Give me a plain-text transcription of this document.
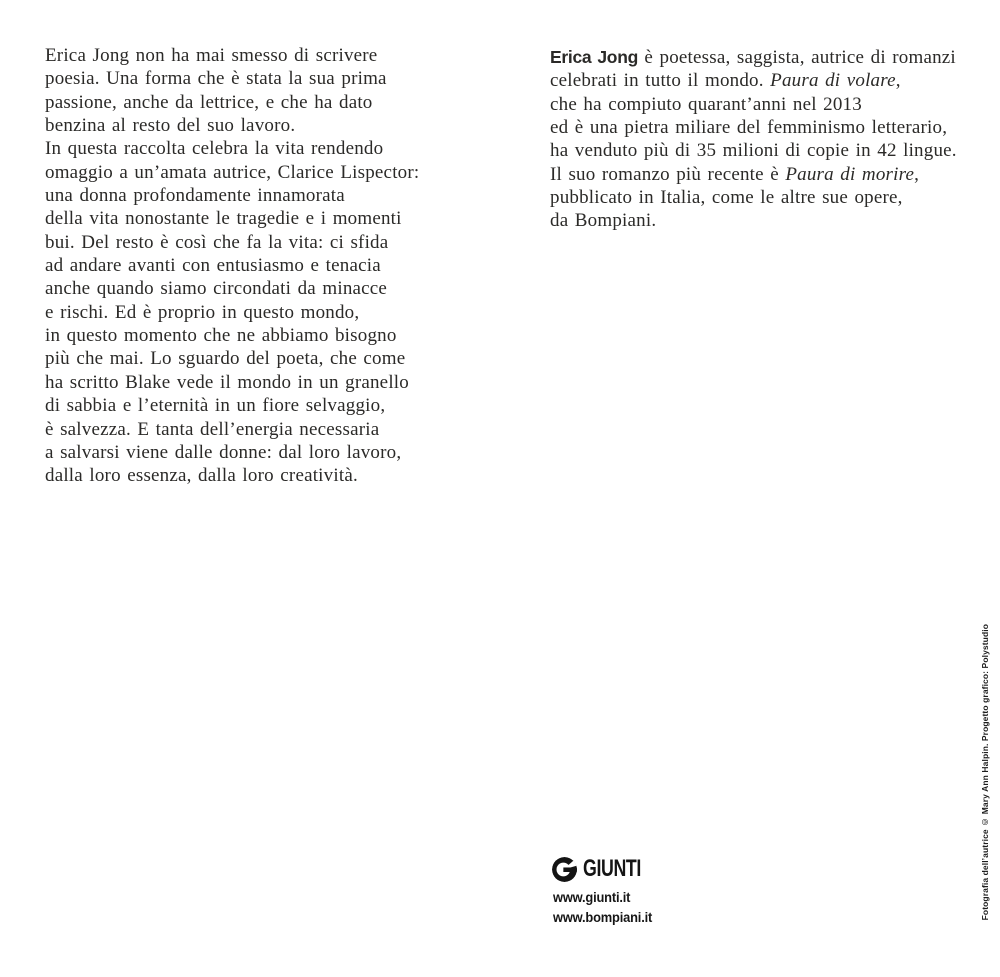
Erica Jong non ha mai smesso di scrivere
poesia. Una forma che è stata la sua prima
passione, anche da lettrice, e che ha dato
benzina al resto del suo lavoro.
In questa raccolta celebra la vita rendendo
omaggio a un’amata autrice, Clarice Lispector:
una donna profondamente innamorata
della vita nonostante le tragedie e i momenti
bui. Del resto è così che fa la vita: ci sfida
ad andare avanti con entusiasmo e tenacia
anche quando siamo circondati da minacce
e rischi. Ed è proprio in questo mondo,
in questo momento che ne abbiamo bisogno
più che mai. Lo sguardo del poeta, che come
ha scritto Blake vede il mondo in un granello
di sabbia e l’eternità in un fiore selvaggio,
è salvezza. E tanta dell’energia necessaria
a salvarsi viene dalle donne: dal loro lavoro,
dalla loro essenza, dalla loro creatività.
Erica Jong è poetessa, saggista, autrice di romanzi
celebrati in tutto il mondo. Paura di volare,
che ha compiuto quarant’anni nel 2013
ed è una pietra miliare del femminismo letterario,
ha venduto più di 35 milioni di copie in 42 lingue.
Il suo romanzo più recente è Paura di morire,
pubblicato in Italia, come le altre sue opere,
da Bompiani.
GIUNTI
www.giunti.it
www.bompiani.it	Fotografia dell’autrice © Mary Ann Halpin. Progetto grafico: Polystudio
